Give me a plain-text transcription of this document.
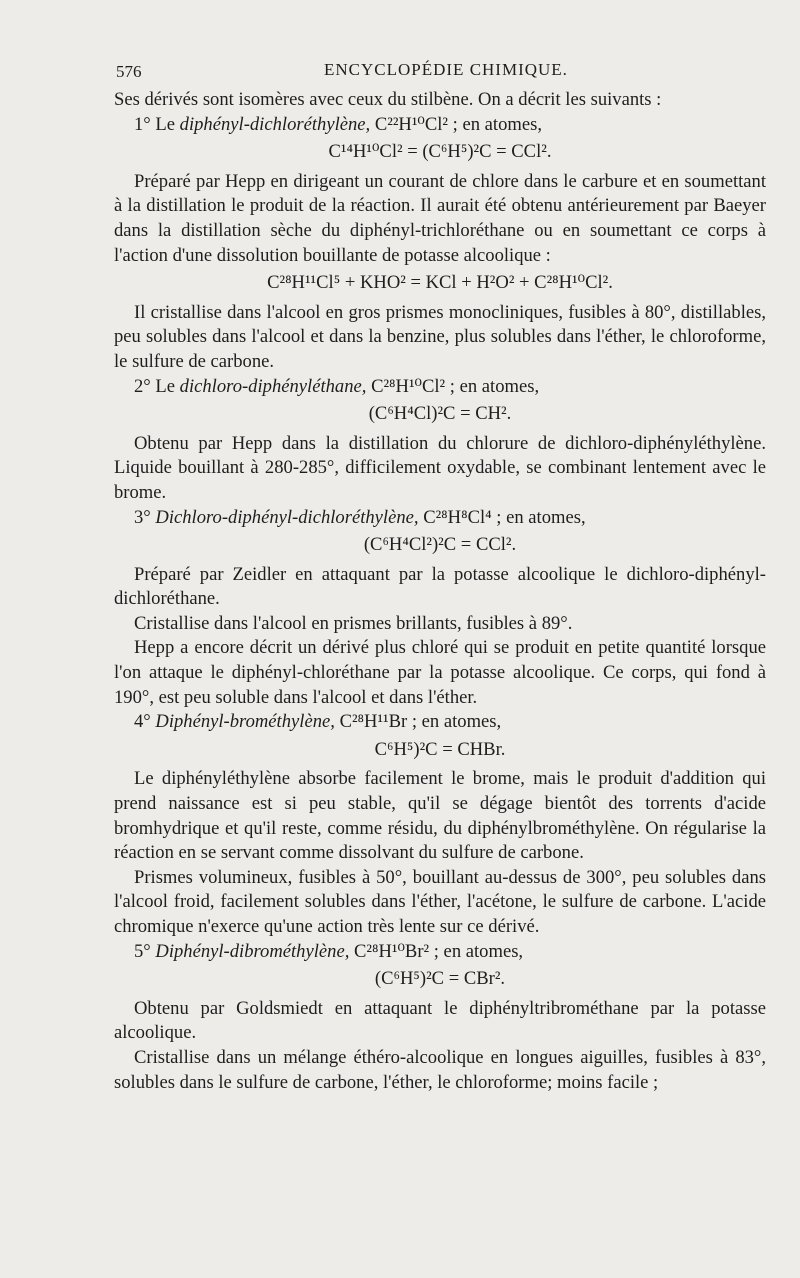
576	ENCYCLOPÉDIE CHIMIQUE.

Ses dérivés sont isomères avec ceux du stilbène. On a décrit les suivants :

1° Le diphényl-dichloréthylène, C²²H¹⁰Cl² ; en atomes,

C¹⁴H¹⁰Cl² = (C⁶H⁵)²C = CCl².

Préparé par Hepp en dirigeant un courant de chlore dans le carbure et en soumettant à la distillation le produit de la réaction. Il aurait été obtenu antérieurement par Baeyer dans la distillation sèche du diphényl-trichloréthane ou en soumettant ce corps à l'action d'une dissolution bouillante de potasse alcoolique :

C²⁸H¹¹Cl⁵ + KHO² = KCl + H²O² + C²⁸H¹⁰Cl².

Il cristallise dans l'alcool en gros prismes monocliniques, fusibles à 80°, distillables, peu solubles dans l'alcool et dans la benzine, plus solubles dans l'éther, le chloroforme, le sulfure de carbone.

2° Le dichloro-diphényléthane, C²⁸H¹⁰Cl² ; en atomes,

(C⁶H⁴Cl)²C = CH².

Obtenu par Hepp dans la distillation du chlorure de dichloro-diphényléthylène. Liquide bouillant à 280-285°, difficilement oxydable, se combinant lentement avec le brome.

3° Dichloro-diphényl-dichloréthylène, C²⁸H⁸Cl⁴ ; en atomes,

(C⁶H⁴Cl²)²C = CCl².

Préparé par Zeidler en attaquant par la potasse alcoolique le dichloro-diphényl-dichloréthane.

Cristallise dans l'alcool en prismes brillants, fusibles à 89°.

Hepp a encore décrit un dérivé plus chloré qui se produit en petite quantité lorsque l'on attaque le diphényl-chloréthane par la potasse alcoolique. Ce corps, qui fond à 190°, est peu soluble dans l'alcool et dans l'éther.

4° Diphényl-brométhylène, C²⁸H¹¹Br ; en atomes,

C⁶H⁵)²C = CHBr.

Le diphényléthylène absorbe facilement le brome, mais le produit d'addition qui prend naissance est si peu stable, qu'il se dégage bientôt des torrents d'acide bromhydrique et qu'il reste, comme résidu, du diphénylbrométhylène. On régularise la réaction en se servant comme dissolvant du sulfure de carbone.

Prismes volumineux, fusibles à 50°, bouillant au-dessus de 300°, peu solubles dans l'alcool froid, facilement solubles dans l'éther, l'acétone, le sulfure de carbone. L'acide chromique n'exerce qu'une action très lente sur ce dérivé.

5° Diphényl-dibrométhylène, C²⁸H¹⁰Br² ; en atomes,

(C⁶H⁵)²C = CBr².

Obtenu par Goldsmiedt en attaquant le diphényltribrométhane par la potasse alcoolique.

Cristallise dans un mélange éthéro-alcoolique en longues aiguilles, fusibles à 83°, solubles dans le sulfure de carbone, l'éther, le chloroforme; moins facile ;
